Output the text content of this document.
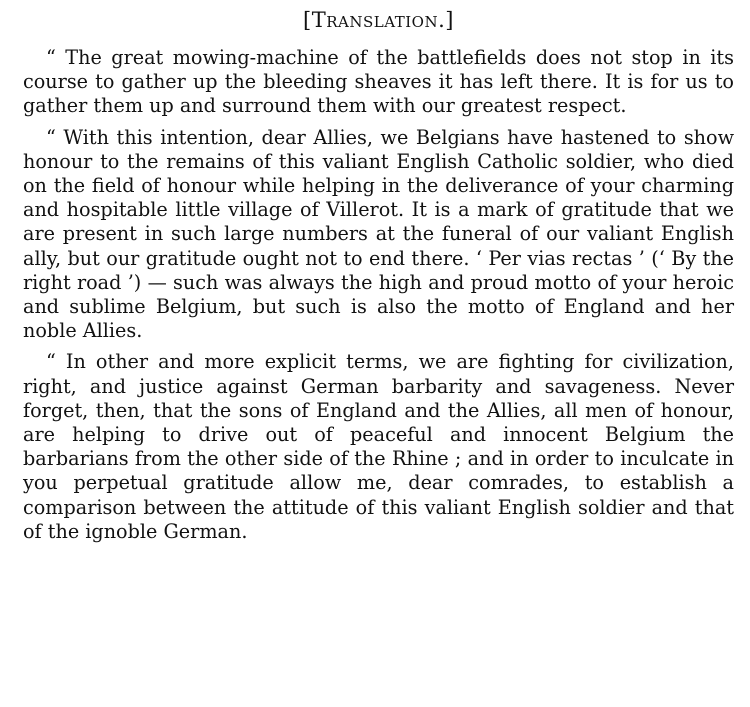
[Translation.]

“ The great mowing-machine of the battlefields does not stop in its course to gather up the bleeding sheaves it has left there. It is for us to gather them up and surround them with our greatest respect.

“ With this intention, dear Allies, we Belgians have hastened to show honour to the remains of this valiant English Catholic soldier, who died on the field of honour while helping in the deliverance of your charming and hospitable little village of Villerot. It is a mark of gratitude that we are present in such large numbers at the funeral of our valiant English ally, but our gratitude ought not to end there. ‘ Per vias rectas ’ (‘ By the right road ’) — such was always the high and proud motto of your heroic and sublime Belgium, but such is also the motto of England and her noble Allies.

“ In other and more explicit terms, we are fighting for civilization, right, and justice against German barbarity and savageness. Never forget, then, that the sons of England and the Allies, all men of honour, are helping to drive out of peaceful and innocent Belgium the barbarians from the other side of the Rhine ; and in order to inculcate in you perpetual gratitude allow me, dear comrades, to establish a comparison between the attitude of this valiant English soldier and that of the ignoble German.
